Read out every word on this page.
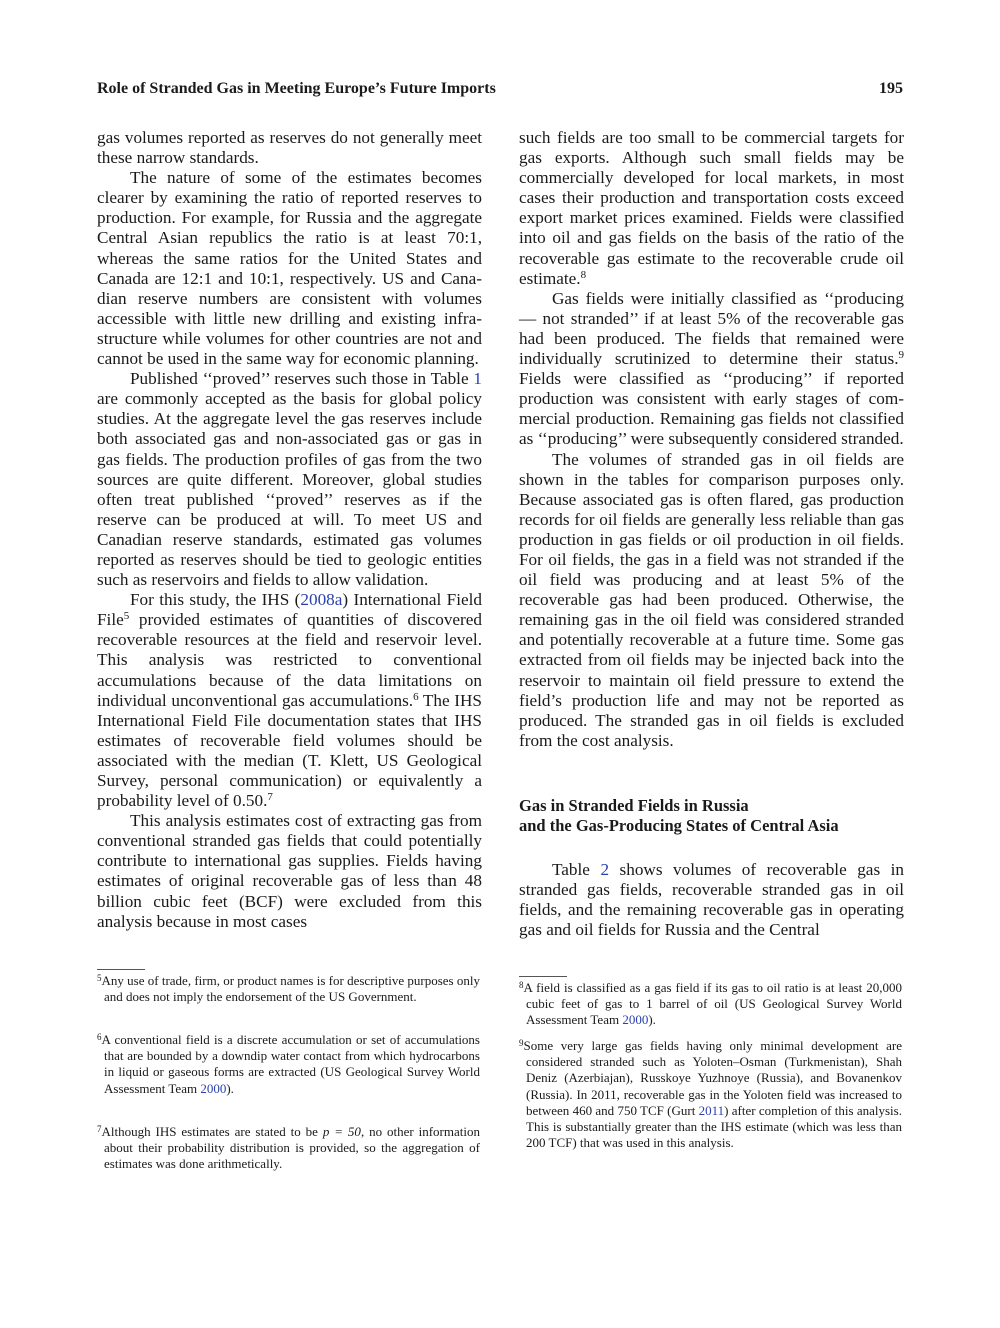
Role of Stranded Gas in Meeting Europe’s Future Imports	195

gas volumes reported as reserves do not generally meet these narrow standards.

The nature of some of the estimates becomes clearer by examining the ratio of reported reserves to production. For example, for Russia and the aggregate Central Asian republics the ratio is at least 70:1, whereas the same ratios for the United States and Canada are 12:1 and 10:1, respectively. US and Canadian reserve numbers are consistent with volumes accessible with little new drilling and existing infrastructure while volumes for other countries are not and cannot be used in the same way for economic planning.

Published ‘‘proved’’ reserves such those in Table 1 are commonly accepted as the basis for global policy studies. At the aggregate level the gas reserves include both associated gas and non-associated gas or gas in gas fields. The production profiles of gas from the two sources are quite different. Moreover, global studies often treat published ‘‘proved’’ reserves as if the reserve can be produced at will. To meet US and Canadian reserve standards, estimated gas volumes reported as reserves should be tied to geologic entities such as reservoirs and fields to allow validation.

For this study, the IHS (2008a) International Field File$^5$ provided estimates of quantities of discovered recoverable resources at the field and reservoir level. This analysis was restricted to conventional accumulations because of the data limitations on individual unconventional gas accumulations.$^6$ The IHS International Field File documentation states that IHS estimates of recoverable field volumes should be associated with the median (T. Klett, US Geological Survey, personal communication) or equivalently a probability level of 0.50.$^7$

This analysis estimates cost of extracting gas from conventional stranded gas fields that could potentially contribute to international gas supplies. Fields having estimates of original recoverable gas of less than 48 billion cubic feet (BCF) were excluded from this analysis because in most cases

such fields are too small to be commercial targets for gas exports. Although such small fields may be commercially developed for local markets, in most cases their production and transportation costs exceed export market prices examined. Fields were classified into oil and gas fields on the basis of the ratio of the recoverable gas estimate to the recoverable crude oil estimate.$^8$

Gas fields were initially classified as ‘‘producing— not stranded’’ if at least 5% of the recoverable gas had been produced. The fields that remained were individually scrutinized to determine their status.$^9$ Fields were classified as ‘‘producing’’ if reported production was consistent with early stages of commercial production. Remaining gas fields not classified as ‘‘producing’’ were subsequently considered stranded.

The volumes of stranded gas in oil fields are shown in the tables for comparison purposes only. Because associated gas is often flared, gas production records for oil fields are generally less reliable than gas production in gas fields or oil production in oil fields. For oil fields, the gas in a field was not stranded if the oil field was producing and at least 5% of the recoverable gas had been produced. Otherwise, the remaining gas in the oil field was considered stranded and potentially recoverable at a future time. Some gas extracted from oil fields may be injected back into the reservoir to maintain oil field pressure to extend the field’s production life and may not be reported as produced. The stranded gas in oil fields is excluded from the cost analysis.

Gas in Stranded Fields in Russia
and the Gas-Producing States of Central Asia

Table 2 shows volumes of recoverable gas in stranded gas fields, recoverable stranded gas in oil fields, and the remaining recoverable gas in operating gas and oil fields for Russia and the Central

$^5$Any use of trade, firm, or product names is for descriptive purposes only and does not imply the endorsement of the US Government.

$^6$A conventional field is a discrete accumulation or set of accumulations that are bounded by a downdip water contact from which hydrocarbons in liquid or gaseous forms are extracted (US Geological Survey World Assessment Team 2000).

$^7$Although IHS estimates are stated to be p = 50, no other information about their probability distribution is provided, so the aggregation of estimates was done arithmetically.

$^8$A field is classified as a gas field if its gas to oil ratio is at least 20,000 cubic feet of gas to 1 barrel of oil (US Geological Survey World Assessment Team 2000).

$^9$Some very large gas fields having only minimal development are considered stranded such as Yoloten–Osman (Turkmenistan), Shah Deniz (Azerbiajan), Russkoye Yuzhnoye (Russia), and Bovanenkov (Russia). In 2011, recoverable gas in the Yoloten field was increased to between 460 and 750 TCF (Gurt 2011) after completion of this analysis. This is substantially greater than the IHS estimate (which was less than 200 TCF) that was used in this analysis.
